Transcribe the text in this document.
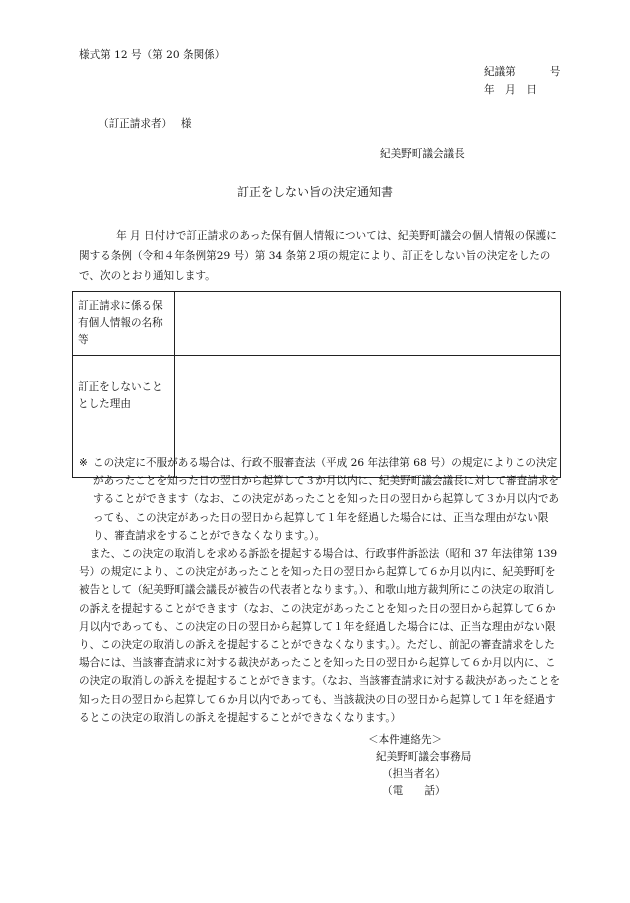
様式第 12 号（第 20 条関係）
紀議第	号
年　月　日
（訂正請求者）　 様
紀美野町議会議長
訂正をしない旨の決定通知書

年 月 日付けで訂正請求のあった保有個人情報については、紀美野町議会の個人情報の保護に関する条例（令和４年条例第29 号）第 34 条第２項の規定により、訂正をしない旨の決定をしたので、次のとおり通知します。

訂正請求に係る保有個人情報の名称等	
訂正をしないこととした理由	

※ この決定に不服がある場合は、行政不服審査法（平成 26 年法律第 68 号）の規定によりこの決定があったことを知った日の翌日から起算して３か月以内に、紀美野町議会議長に対して審査請求をすることができます（なお、この決定があったことを知った日の翌日から起算して３か月以内であっても、この決定があった日の翌日から起算して１年を経過した場合には、正当な理由がない限り、審査請求をすることができなくなります。）。

また、この決定の取消しを求める訴訟を提起する場合は、行政事件訴訟法（昭和 37 年法律第 139 号）の規定により、この決定があったことを知った日の翌日から起算して６か月以内に、紀美野町を被告として（紀美野町議会議長が被告の代表者となります。）、和歌山地方裁判所にこの決定の取消しの訴えを提起することができます（なお、この決定があったことを知った日の翌日から起算して６か月以内であっても、この決定の日の翌日から起算して１年を経過した場合には、正当な理由がない限り、この決定の取消しの訴えを提起することができなくなります。）。ただし、前記の審査請求をした場合には、当該審査請求に対する裁決があったことを知った日の翌日から起算して６か月以内に、この決定の取消しの訴えを提起することができます。（なお、当該審査請求に対する裁決があったことを知った日の翌日から起算して６か月以内であっても、当該裁決の日の翌日から起算して１年を経過するとこの決定の取消しの訴えを提起することができなくなります。）

＜本件連絡先＞
紀美野町議会事務局
（担当者名）
（電　　話）
